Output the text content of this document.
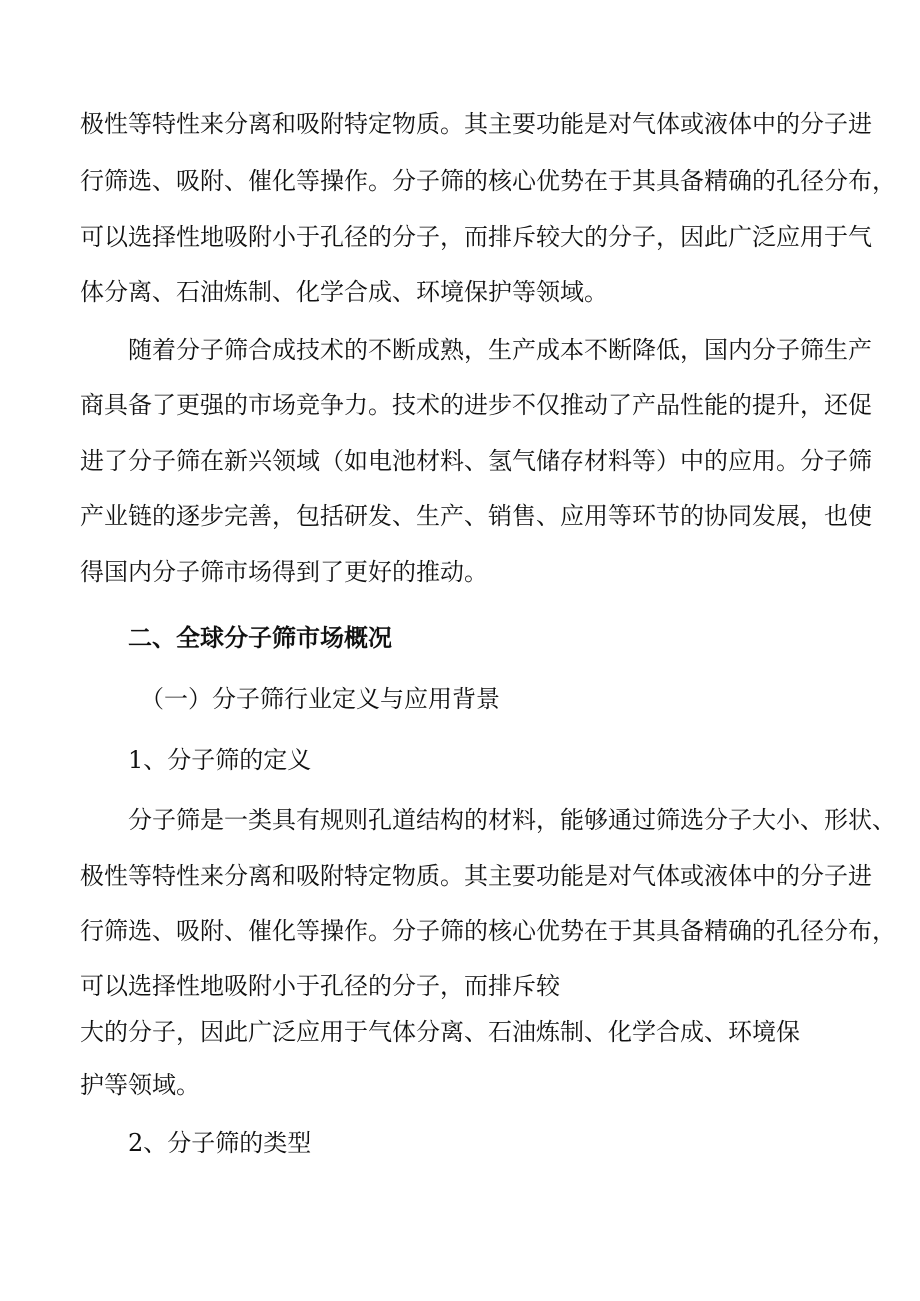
极性等特性来分离和吸附特定物质。其主要功能是对气体或液体中的分子进
行筛选、吸附、催化等操作。分子筛的核心优势在于其具备精确的孔径分布，
可以选择性地吸附小于孔径的分子，而排斥较大的分子，因此广泛应用于气
体分离、石油炼制、化学合成、环境保护等领域。
随着分子筛合成技术的不断成熟，生产成本不断降低，国内分子筛生产
商具备了更强的市场竞争力。技术的进步不仅推动了产品性能的提升，还促
进了分子筛在新兴领域（如电池材料、氢气储存材料等）中的应用。分子筛
产业链的逐步完善，包括研发、生产、销售、应用等环节的协同发展，也使
得国内分子筛市场得到了更好的推动。
二、全球分子筛市场概况
（一）分子筛行业定义与应用背景
1、分子筛的定义
分子筛是一类具有规则孔道结构的材料，能够通过筛选分子大小、形状、
极性等特性来分离和吸附特定物质。其主要功能是对气体或液体中的分子进
行筛选、吸附、催化等操作。分子筛的核心优势在于其具备精确的孔径分布，
可以选择性地吸附小于孔径的分子，而排斥较
大的分子，因此广泛应用于气体分离、石油炼制、化学合成、环境保
护等领域。
2、分子筛的类型
